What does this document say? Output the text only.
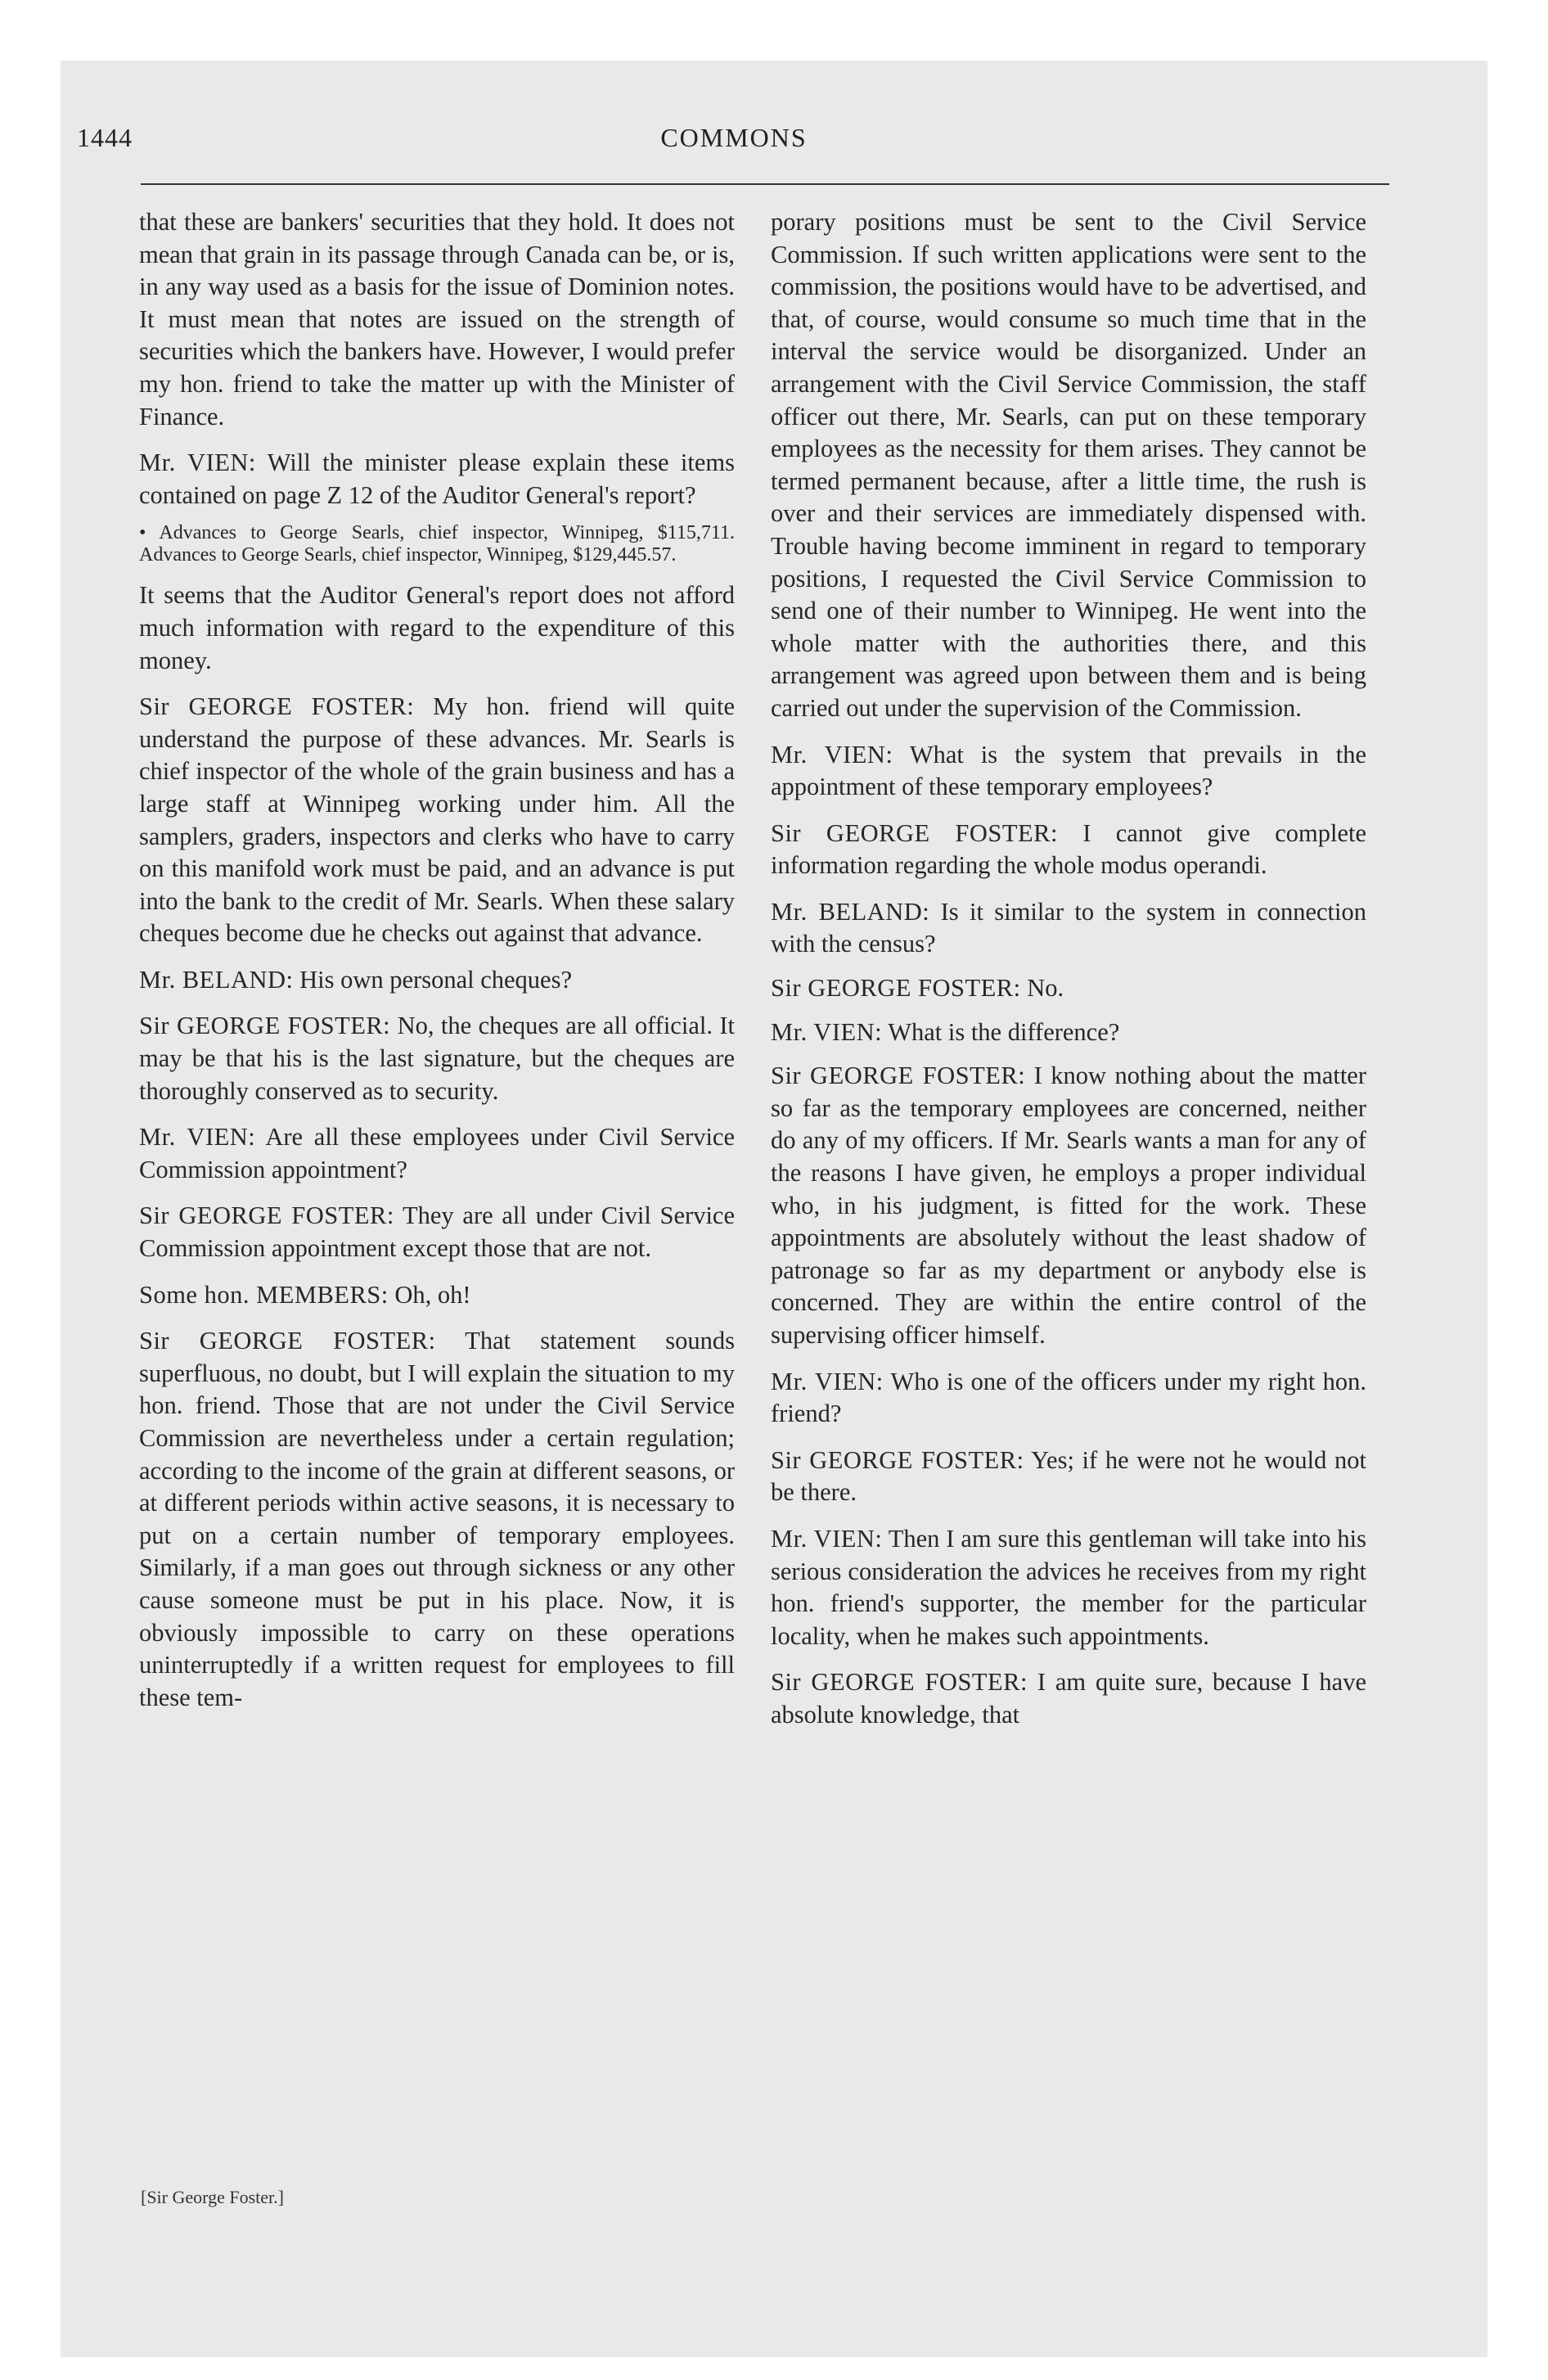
1444	COMMONS

that these are bankers' securities that they hold. It does not mean that grain in its passage through Canada can be, or is, in any way used as a basis for the issue of Dominion notes. It must mean that notes are issued on the strength of securities which the bankers have. However, I would prefer my hon. friend to take the matter up with the Minister of Finance.

Mr. VIEN: Will the minister please explain these items contained on page Z 12 of the Auditor General's report?

• Advances to George Searls, chief inspector, Winnipeg, $115,711. Advances to George Searls, chief inspector, Winnipeg, $129,445.57.

It seems that the Auditor General's report does not afford much information with regard to the expenditure of this money.

Sir GEORGE FOSTER: My hon. friend will quite understand the purpose of these advances. Mr. Searls is chief inspector of the whole of the grain business and has a large staff at Winnipeg working under him. All the samplers, graders, inspectors and clerks who have to carry on this manifold work must be paid, and an advance is put into the bank to the credit of Mr. Searls. When these salary cheques become due he checks out against that advance.

Mr. BELAND: His own personal cheques?

Sir GEORGE FOSTER: No, the cheques are all official. It may be that his is the last signature, but the cheques are thoroughly conserved as to security.

Mr. VIEN: Are all these employees under Civil Service Commission appointment?

Sir GEORGE FOSTER: They are all under Civil Service Commission appointment except those that are not.

Some hon. MEMBERS: Oh, oh!

Sir GEORGE FOSTER: That statement sounds superfluous, no doubt, but I will explain the situation to my hon. friend. Those that are not under the Civil Service Commission are nevertheless under a certain regulation; according to the income of the grain at different seasons, or at different periods within active seasons, it is necessary to put on a certain number of temporary employees. Similarly, if a man goes out through sickness or any other cause someone must be put in his place. Now, it is obviously impossible to carry on these operations uninterruptedly if a written request for employees to fill these tem-

porary positions must be sent to the Civil Service Commission. If such written applications were sent to the commission, the positions would have to be advertised, and that, of course, would consume so much time that in the interval the service would be disorganized. Under an arrangement with the Civil Service Commission, the staff officer out there, Mr. Searls, can put on these temporary employees as the necessity for them arises. They cannot be termed permanent because, after a little time, the rush is over and their services are immediately dispensed with. Trouble having become imminent in regard to temporary positions, I requested the Civil Service Commission to send one of their number to Winnipeg. He went into the whole matter with the authorities there, and this arrangement was agreed upon between them and is being carried out under the supervision of the Commission.

Mr. VIEN: What is the system that prevails in the appointment of these temporary employees?

Sir GEORGE FOSTER: I cannot give complete information regarding the whole modus operandi.

Mr. BELAND: Is it similar to the system in connection with the census?

Sir GEORGE FOSTER: No.

Mr. VIEN: What is the difference?

Sir GEORGE FOSTER: I know nothing about the matter so far as the temporary employees are concerned, neither do any of my officers. If Mr. Searls wants a man for any of the reasons I have given, he employs a proper individual who, in his judgment, is fitted for the work. These appointments are absolutely without the least shadow of patronage so far as my department or anybody else is concerned. They are within the entire control of the supervising officer himself.

Mr. VIEN: Who is one of the officers under my right hon. friend?

Sir GEORGE FOSTER: Yes; if he were not he would not be there.

Mr. VIEN: Then I am sure this gentleman will take into his serious consideration the advices he receives from my right hon. friend's supporter, the member for the particular locality, when he makes such appointments.

Sir GEORGE FOSTER: I am quite sure, because I have absolute knowledge, that

[Sir George Foster.]
